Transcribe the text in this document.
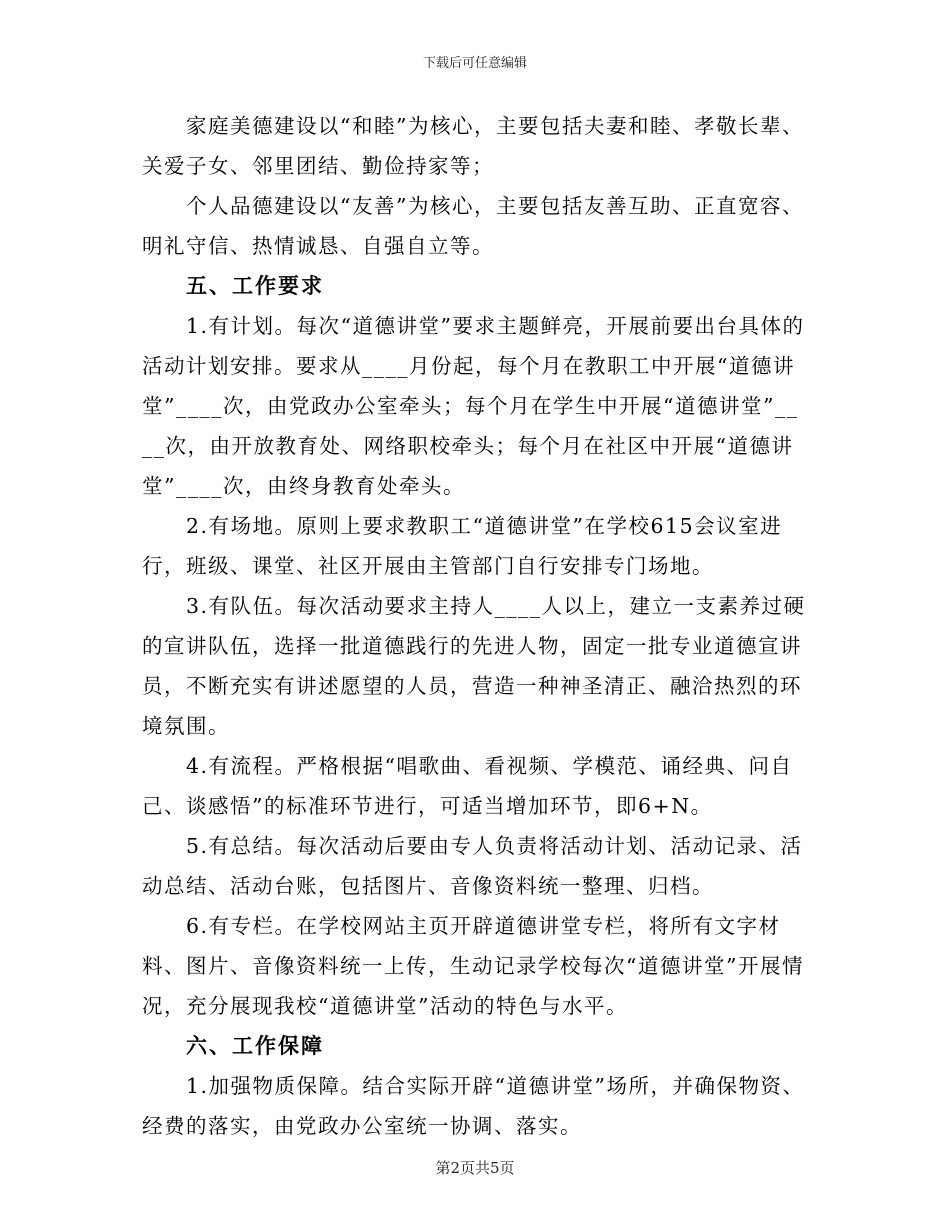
下载后可任意编辑

家庭美德建设以“和睦”为核心，主要包括夫妻和睦、孝敬长辈、关爱子女、邻里团结、勤俭持家等；

个人品德建设以“友善”为核心，主要包括友善互助、正直宽容、明礼守信、热情诚恳、自强自立等。

五、工作要求

1.有计划。每次“道德讲堂”要求主题鲜亮，开展前要出台具体的活动计划安排。要求从____月份起，每个月在教职工中开展“道德讲堂”____次，由党政办公室牵头；每个月在学生中开展“道德讲堂”____次，由开放教育处、网络职校牵头；每个月在社区中开展“道德讲堂”____次，由终身教育处牵头。

2.有场地。原则上要求教职工“道德讲堂”在学校615会议室进行，班级、课堂、社区开展由主管部门自行安排专门场地。

3.有队伍。每次活动要求主持人____人以上，建立一支素养过硬的宣讲队伍，选择一批道德践行的先进人物，固定一批专业道德宣讲员，不断充实有讲述愿望的人员，营造一种神圣清正、融洽热烈的环境氛围。

4.有流程。严格根据“唱歌曲、看视频、学模范、诵经典、问自己、谈感悟”的标准环节进行，可适当增加环节，即6+N。

5.有总结。每次活动后要由专人负责将活动计划、活动记录、活动总结、活动台账，包括图片、音像资料统一整理、归档。

6.有专栏。在学校网站主页开辟道德讲堂专栏，将所有文字材料、图片、音像资料统一上传，生动记录学校每次“道德讲堂”开展情况，充分展现我校“道德讲堂”活动的特色与水平。

六、工作保障

1.加强物质保障。结合实际开辟“道德讲堂”场所，并确保物资、经费的落实，由党政办公室统一协调、落实。

第2页共5页
